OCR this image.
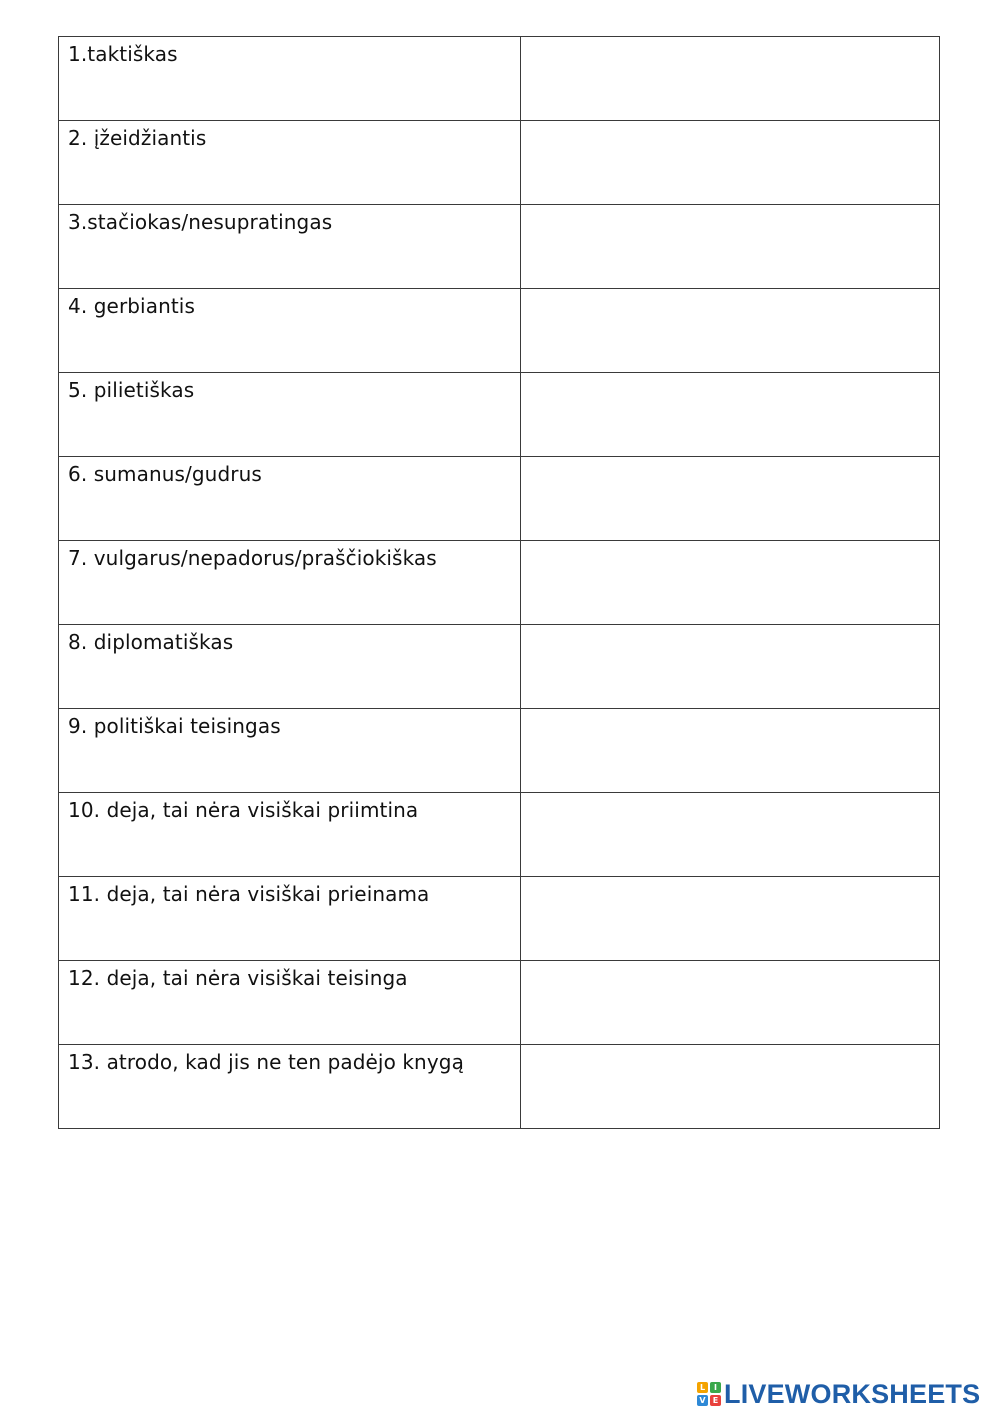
1.taktiškas	
2. įžeidžiantis	
3.stačiokas/nesupratingas	
4. gerbiantis	
5. pilietiškas	
6. sumanus/gudrus	
7. vulgarus/nepadorus/praščiokiškas	
8. diplomatiškas	
9. politiškai teisingas	
10. deja, tai nėra visiškai priimtina	
11. deja, tai nėra visiškai prieinama	
12. deja, tai nėra visiškai teisinga	
13. atrodo, kad jis ne ten padėjo knygą	
L	I
V E LIVEWORKSHEETS
